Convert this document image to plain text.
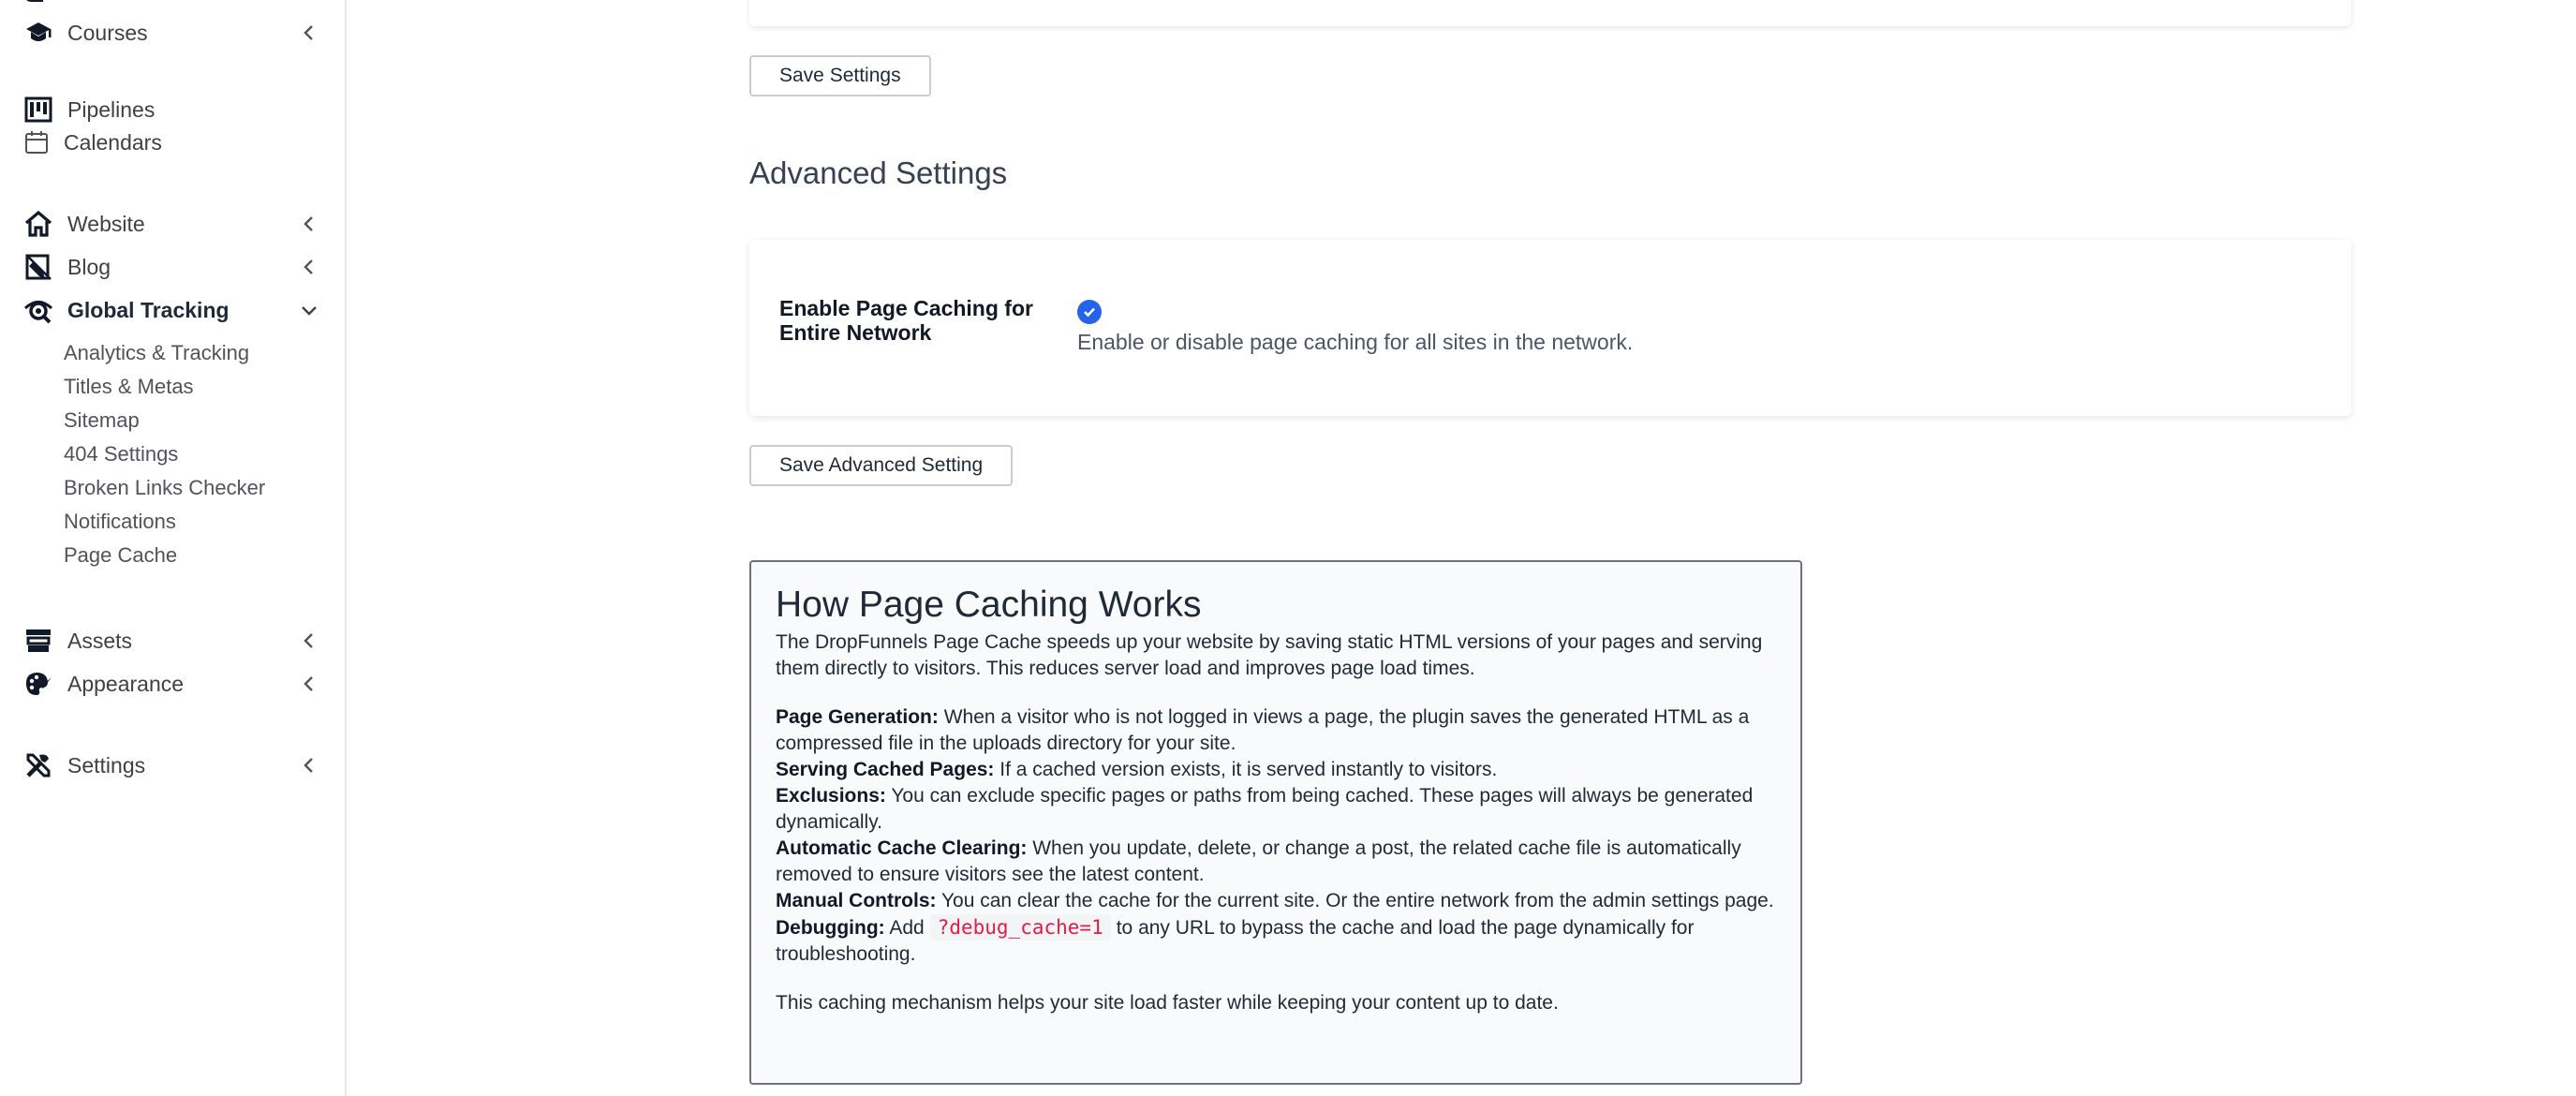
Courses
Pipelines
Calendars
Website
Blog
Global Tracking
Analytics & Tracking
Titles & Metas
Sitemap
404 Settings
Broken Links Checker
Notifications
Page Cache
Assets
Appearance
Settings
Save Settings
Advanced Settings
Enable Page Caching for Entire Network	Enable or disable page caching for all sites in the network.
Save Advanced Setting
How Page Caching Works

The DropFunnels Page Cache speeds up your website by saving static HTML versions of your pages and serving them directly to visitors. This reduces server load and improves page load times.

Page Generation: When a visitor who is not logged in views a page, the plugin saves the generated HTML as a compressed file in the uploads directory for your site.

Serving Cached Pages: If a cached version exists, it is served instantly to visitors.

Exclusions: You can exclude specific pages or paths from being cached. These pages will always be generated dynamically.

Automatic Cache Clearing: When you update, delete, or change a post, the related cache file is automatically removed to ensure visitors see the latest content.

Manual Controls: You can clear the cache for the current site. Or the entire network from the admin settings page.

Debugging: Add ?debug_cache=1 to any URL to bypass the cache and load the page dynamically for troubleshooting.

This caching mechanism helps your site load faster while keeping your content up to date.
